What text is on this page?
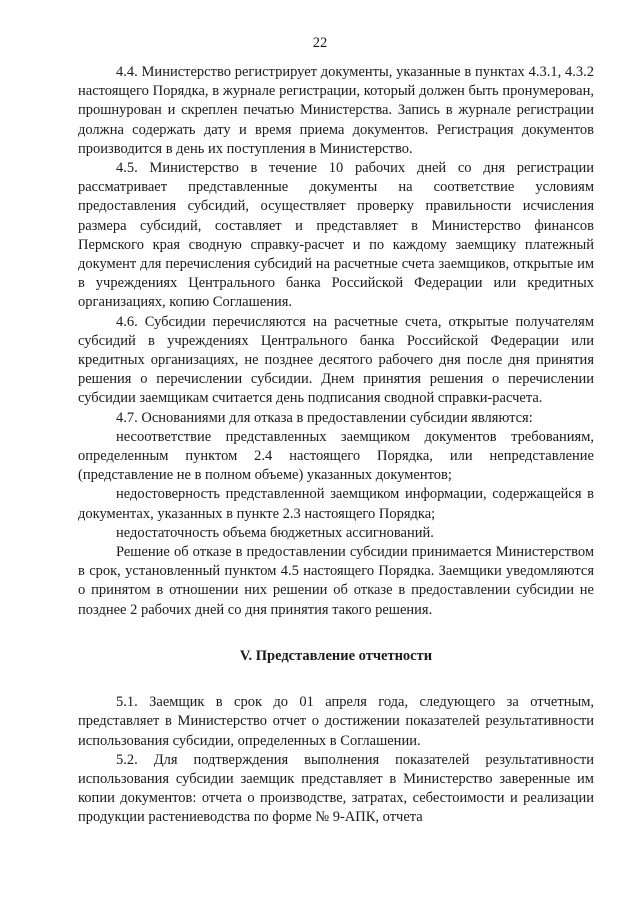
22

4.4. Министерство регистрирует документы, указанные в пунктах 4.3.1, 4.3.2 настоящего Порядка, в журнале регистрации, который должен быть пронумерован, прошнурован и скреплен печатью Министерства. Запись в журнале регистрации должна содержать дату и время приема документов. Регистрация документов производится в день их поступления в Министерство.

4.5. Министерство в течение 10 рабочих дней со дня регистрации рассматривает представленные документы на соответствие условиям предоставления субсидий, осуществляет проверку правильности исчисления размера субсидий, составляет и представляет в Министерство финансов Пермского края сводную справку-расчет и по каждому заемщику платежный документ для перечисления субсидий на расчетные счета заемщиков, открытые им в учреждениях Центрального банка Российской Федерации или кредитных организациях, копию Соглашения.

4.6. Субсидии перечисляются на расчетные счета, открытые получателям субсидий в учреждениях Центрального банка Российской Федерации или кредитных организациях, не позднее десятого рабочего дня после дня принятия решения о перечислении субсидии. Днем принятия решения о перечислении субсидии заемщикам считается день подписания сводной справки-расчета.

4.7. Основаниями для отказа в предоставлении субсидии являются:

несоответствие представленных заемщиком документов требованиям, определенным пунктом 2.4 настоящего Порядка, или непредставление (представление не в полном объеме) указанных документов;

недостоверность представленной заемщиком информации, содержащейся в документах, указанных в пункте 2.3 настоящего Порядка;

недостаточность объема бюджетных ассигнований.

Решение об отказе в предоставлении субсидии принимается Министерством в срок, установленный пунктом 4.5 настоящего Порядка. Заемщики уведомляются о принятом в отношении них решении об отказе в предоставлении субсидии не позднее 2 рабочих дней со дня принятия такого решения.

V. Представление отчетности

5.1. Заемщик в срок до 01 апреля года, следующего за отчетным, представляет в Министерство отчет о достижении показателей результативности использования субсидии, определенных в Соглашении.

5.2. Для подтверждения выполнения показателей результативности использования субсидии заемщик представляет в Министерство заверенные им копии документов: отчета о производстве, затратах, себестоимости и реализации продукции растениеводства по форме № 9-АПК, отчета
